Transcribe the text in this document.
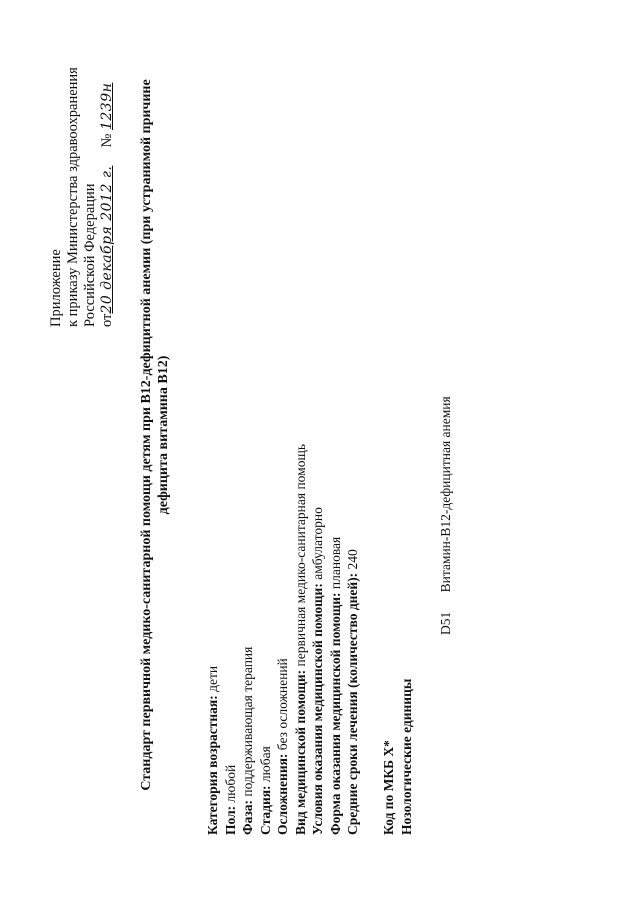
Приложение к приказу Министерства здравоохранения Российской Федерации от20 декабря 2012 г.     № 1239н Стандарт первичной медико-санитарной помощи детям при B12-дефицитной анемии (при устранимой причине дефицита витамина B12)
Категория возрастная: дети
Пол: любой
Фаза: поддерживающая терапия
Стадия: любая Осложнения: без осложнений Вид медицинской помощи: первичная медико-санитарная помощь
Условия оказания медицинской помощи: амбулаторно
Форма оказания медицинской помощи: плановая
Средние сроки лечения (количество дней): 240
Код по МКБ X* Нозологические единицы
D51 Витамин-B12-дефицитная анемия
